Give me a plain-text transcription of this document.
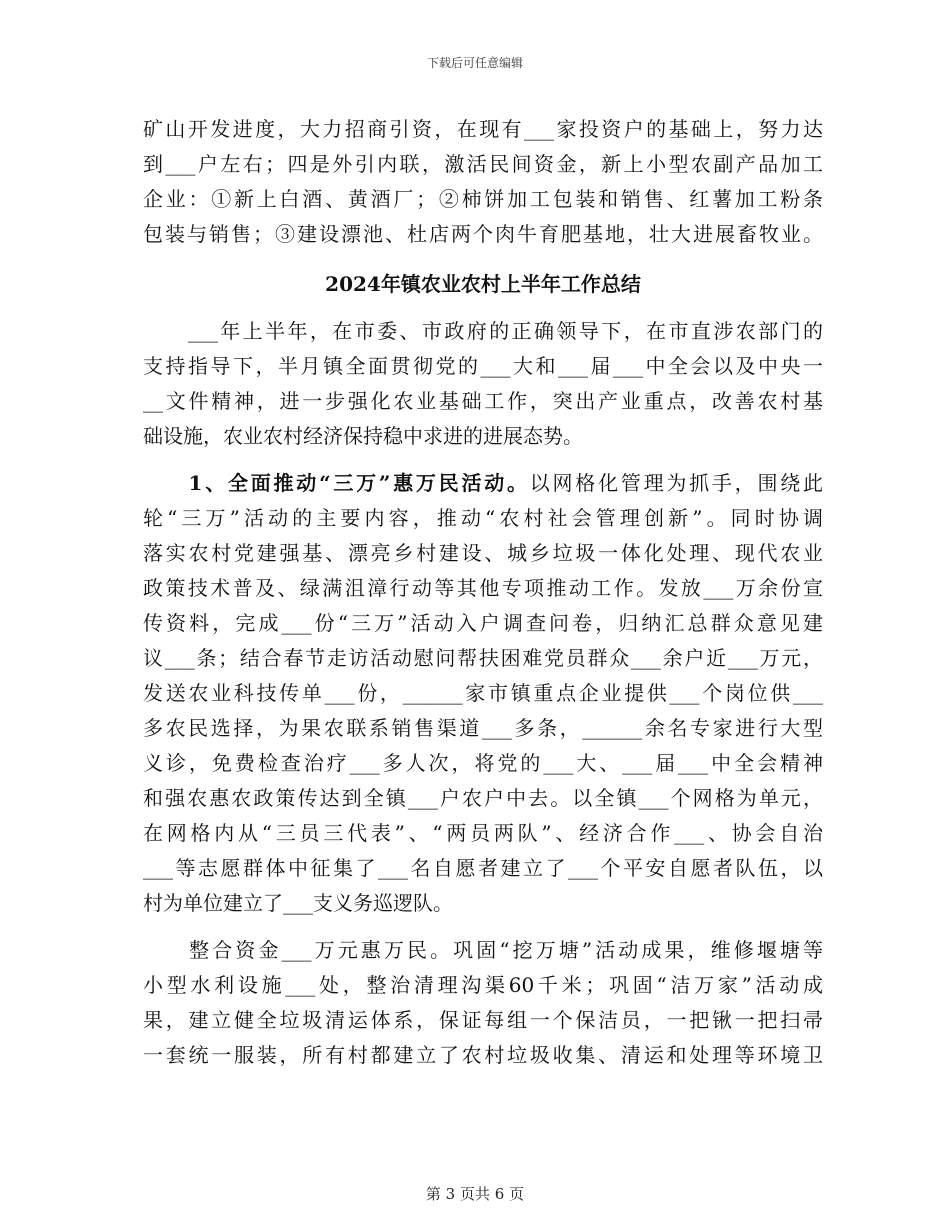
下载后可任意编辑
矿山开发进度，大力招商引资，在现有___家投资户的基础上，努力达
到___户左右；四是外引内联，激活民间资金，新上小型农副产品加工
企业：①新上白酒、黄酒厂；②柿饼加工包装和销售、红薯加工粉条
包装与销售；③建设漂池、杜店两个肉牛育肥基地，壮大进展畜牧业。
2024年镇农业农村上半年工作总结
　　___年上半年，在市委、市政府的正确领导下，在市直涉农部门的
支持指导下，半月镇全面贯彻党的___大和___届___中全会以及中央一
__文件精神，进一步强化农业基础工作，突出产业重点，改善农村基
础设施，农业农村经济保持稳中求进的进展态势。
　　1、全面推动“三万”惠万民活动。以网格化管理为抓手，围绕此
轮“三万”活动的主要内容，推动“农村社会管理创新”。同时协调
落实农村党建强基、漂亮乡村建设、城乡垃圾一体化处理、现代农业
政策技术普及、绿满沮漳行动等其他专项推动工作。发放___万余份宣
传资料，完成___份“三万”活动入户调查问卷，归纳汇总群众意见建
议___条；结合春节走访活动慰问帮扶困难党员群众___余户近___万元，
发送农业科技传单___份，______家市镇重点企业提供___个岗位供___
多农民选择，为果农联系销售渠道___多条，______余名专家进行大型
义诊，免费检查治疗___多人次，将党的___大、___届___中全会精神
和强农惠农政策传达到全镇___户农户中去。以全镇___个网格为单元，
在网格内从“三员三代表”、“两员两队”、经济合作___、协会自治
___等志愿群体中征集了___名自愿者建立了___个平安自愿者队伍，以
村为单位建立了___支义务巡逻队。
　　整合资金___万元惠万民。巩固“挖万塘”活动成果，维修堰塘等
小型水利设施___处，整治清理沟渠60千米；巩固“洁万家”活动成
果，建立健全垃圾清运体系，保证每组一个保洁员，一把锹一把扫帚
一套统一服装，所有村都建立了农村垃圾收集、清运和处理等环境卫
第 3 页共 6 页
